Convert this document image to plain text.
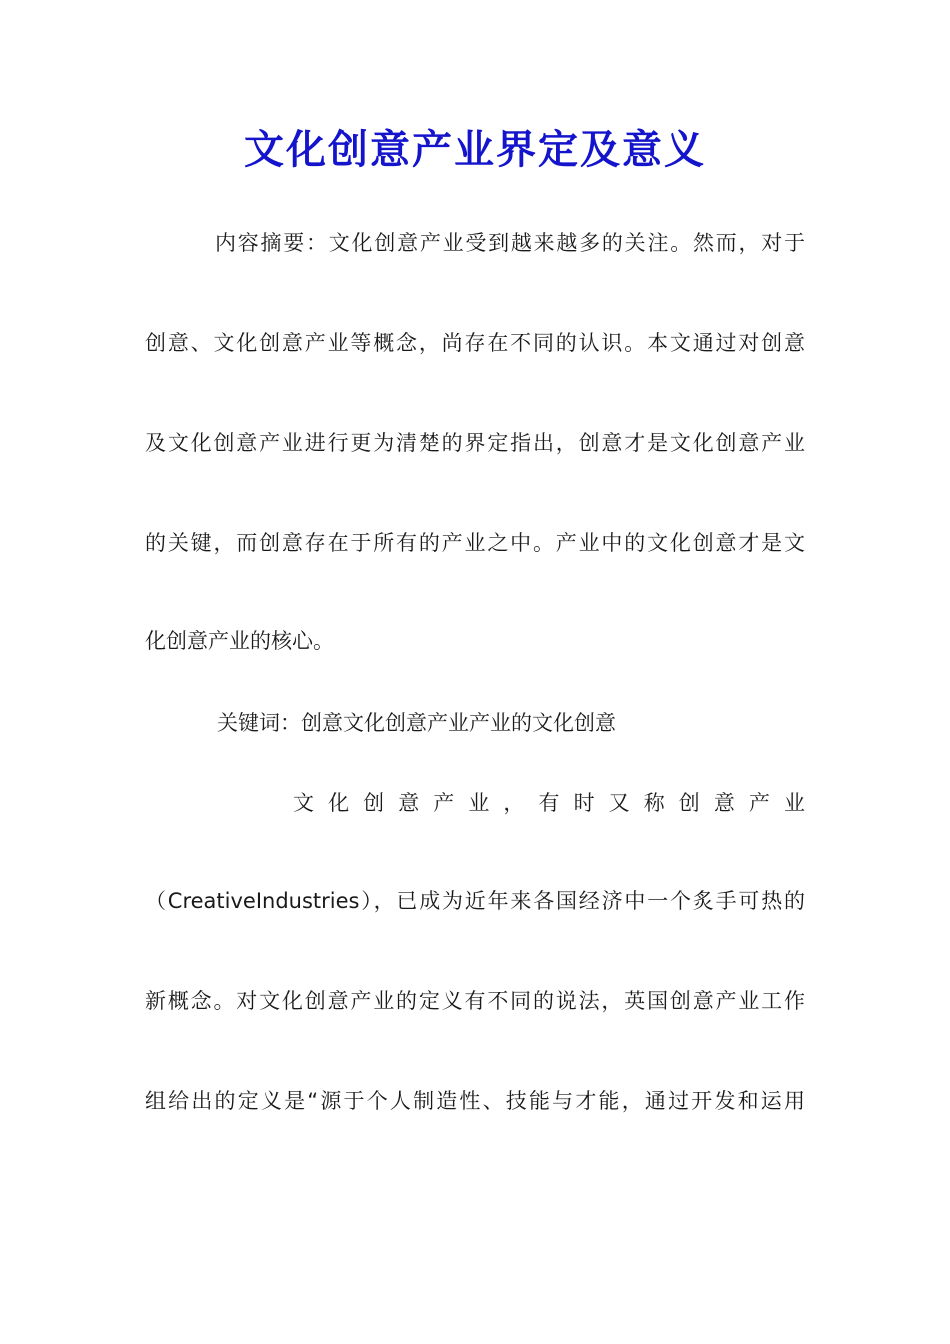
文化创意产业界定及意义
内容摘要：文化创意产业受到越来越多的关注。然而，对于
创意、文化创意产业等概念，尚存在不同的认识。本文通过对创意
及文化创意产业进行更为清楚的界定指出，创意才是文化创意产业
的关键，而创意存在于所有的产业之中。产业中的文化创意才是文
化创意产业的核心。
关键词：创意文化创意产业产业的文化创意
文 化 创 意 产 业 ， 有 时 又 称 创 意 产 业
（CreativeIndustries），已成为近年来各国经济中一个炙手可热的
新概念。对文化创意产业的定义有不同的说法，英国创意产业工作
组给出的定义是“源于个人制造性、技能与才能，通过开发和运用
